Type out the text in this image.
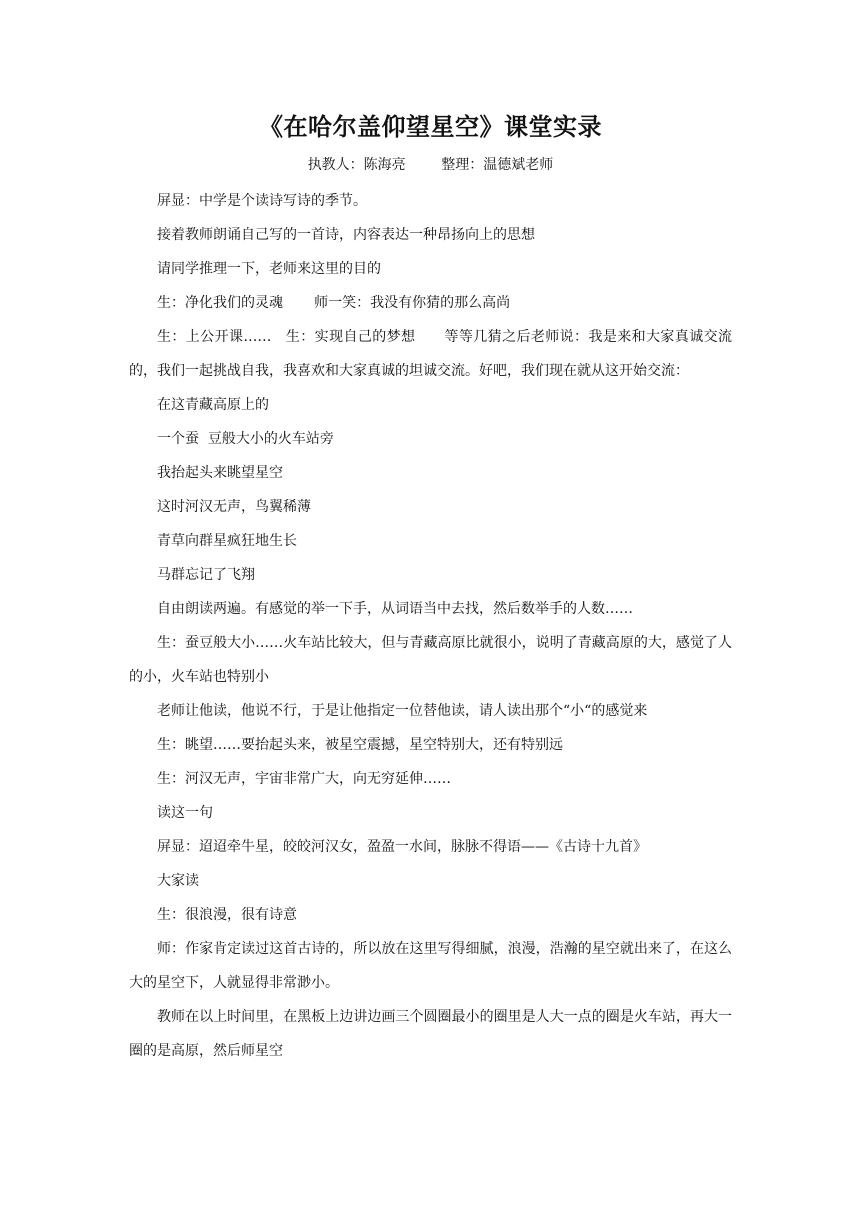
《在哈尔盖仰望星空》课堂实录
执教人：陈海亮        整理：温德斌老师

屏显：中学是个读诗写诗的季节。

接着教师朗诵自己写的一首诗，内容表达一种昂扬向上的思想

请同学推理一下，老师来这里的目的

生：净化我们的灵魂       师一笑：我没有你猜的那么高尚

生：上公开课……   生：实现自己的梦想      等等几猜之后老师说：我是来和大家真诚交流的，我们一起挑战自我，我喜欢和大家真诚的坦诚交流。好吧，我们现在就从这开始交流：

在这青藏高原上的

一个蚕  豆般大小的火车站旁

我抬起头来眺望星空

这时河汉无声，鸟翼稀薄

青草向群星疯狂地生长

马群忘记了飞翔

自由朗读两遍。有感觉的举一下手，从词语当中去找，然后数举手的人数……

生：蚕豆般大小……火车站比较大，但与青藏高原比就很小，说明了青藏高原的大，感觉了人的小，火车站也特别小

老师让他读，他说不行，于是让他指定一位替他读，请人读出那个“小“的感觉来

生：眺望……要抬起头来，被星空震撼，星空特别大，还有特别远

生：河汉无声，宇宙非常广大，向无穷延伸……

读这一句

屏显：迢迢牵牛星，皎皎河汉女，盈盈一水间，脉脉不得语——《古诗十九首》

大家读

生：很浪漫，很有诗意

师：作家肯定读过这首古诗的，所以放在这里写得细腻，浪漫，浩瀚的星空就出来了，在这么大的星空下，人就显得非常渺小。

教师在以上时间里，在黑板上边讲边画三个圆圈最小的圈里是人大一点的圈是火车站，再大一圈的是高原，然后师星空
